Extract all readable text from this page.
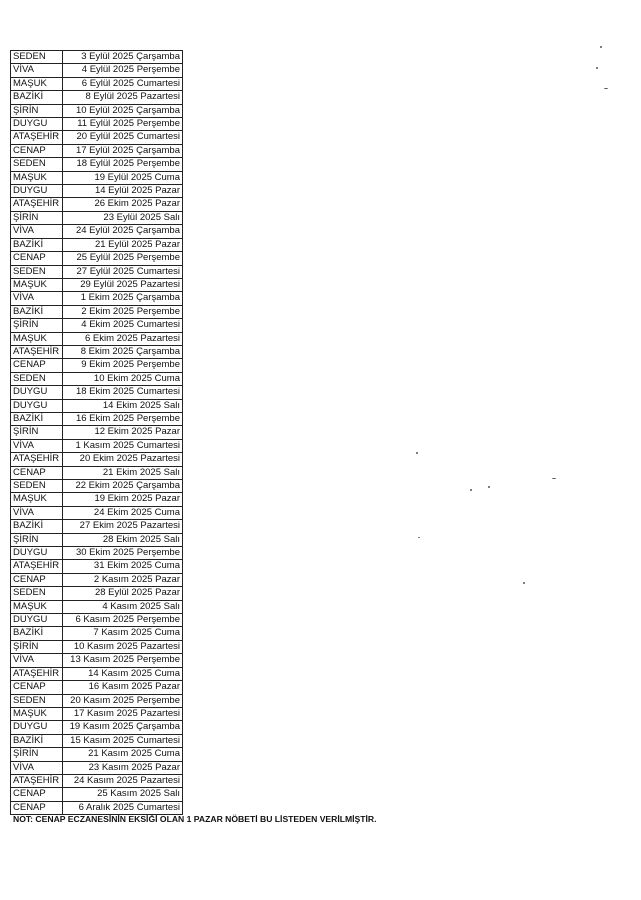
SEDEN	3 Eylül 2025 Çarşamba
VİVA	4 Eylül 2025 Perşembe
MAŞUK	6 Eylül 2025 Cumartesi
BAZİKİ	8 Eylül 2025 Pazartesi
ŞİRİN	10 Eylül 2025 Çarşamba
DUYGU	11 Eylül 2025 Perşembe
ATAŞEHİR	20 Eylül 2025 Cumartesi
CENAP	17 Eylül 2025 Çarşamba
SEDEN	18 Eylül 2025 Perşembe
MAŞUK	19 Eylül 2025 Cuma
DUYGU	14 Eylül 2025 Pazar
ATAŞEHİR	26 Ekim 2025 Pazar
ŞİRİN	23 Eylül 2025 Salı
VİVA	24 Eylül 2025 Çarşamba
BAZİKİ	21 Eylül 2025 Pazar
CENAP	25 Eylül 2025 Perşembe
SEDEN	27 Eylül 2025 Cumartesi
MAŞUK	29 Eylül 2025 Pazartesi
VİVA	1 Ekim 2025 Çarşamba
BAZİKİ	2 Ekim 2025 Perşembe
ŞİRİN	4 Ekim 2025 Cumartesi
MAŞUK	6 Ekim 2025 Pazartesi
ATAŞEHİR	8 Ekim 2025 Çarşamba
CENAP	9 Ekim 2025 Perşembe
SEDEN	10 Ekim 2025 Cuma
DUYGU	18 Ekim 2025 Cumartesi
DUYGU	14 Ekim 2025 Salı
BAZİKİ	16 Ekim 2025 Perşembe
ŞİRİN	12 Ekim 2025 Pazar
VİVA	1 Kasım 2025 Cumartesi
ATAŞEHİR	20 Ekim 2025 Pazartesi
CENAP	21 Ekim 2025 Salı
SEDEN	22 Ekim 2025 Çarşamba
MAŞUK	19 Ekim 2025 Pazar
VİVA	24 Ekim 2025 Cuma
BAZİKİ	27 Ekim 2025 Pazartesi
ŞİRİN	28 Ekim 2025 Salı
DUYGU	30 Ekim 2025 Perşembe
ATAŞEHİR	31 Ekim 2025 Cuma
CENAP	2 Kasım 2025 Pazar
SEDEN	28 Eylül 2025 Pazar
MAŞUK	4 Kasım 2025 Salı
DUYGU	6 Kasım 2025 Perşembe
BAZİKİ	7 Kasım 2025 Cuma
ŞİRİN	10 Kasım 2025 Pazartesi
VİVA	13 Kasım 2025 Perşembe
ATAŞEHİR	14 Kasım 2025 Cuma
CENAP	16 Kasım 2025 Pazar
SEDEN	20 Kasım 2025 Perşembe
MAŞUK	17 Kasım 2025 Pazartesi
DUYGU	19 Kasım 2025 Çarşamba
BAZİKİ	15 Kasım 2025 Cumartesi
ŞİRİN	21 Kasım 2025 Cuma
VİVA	23 Kasım 2025 Pazar
ATAŞEHİR	24 Kasım 2025 Pazartesi
CENAP	25 Kasım 2025 Salı
CENAP	6 Aralık 2025 Cumartesi
NOT: CENAP ECZANESİNİN EKSİĞİ OLAN 1 PAZAR NÖBETİ BU LİSTEDEN VERİLMİŞTİR.
